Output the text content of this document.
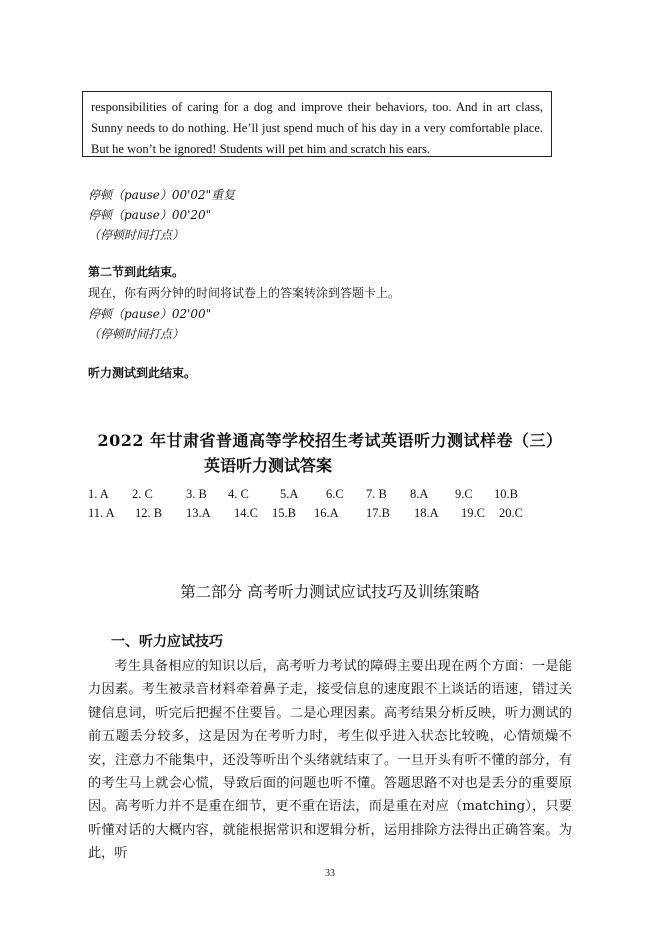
responsibilities of caring for a dog and improve their behaviors, too. And in art class, Sunny needs to do nothing. He’ll just spend much of his day in a very comfortable place. But he won’t be ignored! Students will pet him and scratch his ears.

停顿（pause）00'02"重复
停顿（pause）00'20"
（停顿时间打点）
第二节到此结束。
现在，你有两分钟的时间将试卷上的答案转涂到答题卡上。
停顿（pause）02'00"
（停顿时间打点）
听力测试到此结束。
2022 年甘肃省普通高等学校招生考试英语听力测试样卷（三）
英语听力测试答案
1. A 2. C	3. B 4. C 5.A 6.C 7. B 8.A 9.C 10.B
11. A 12. B 13.A 14.C 15.B 16.A 17.B 18.A 19.C 20.C
第二部分 高考听力测试应试技巧及训练策略
一、听力应试技巧

考生具备相应的知识以后，高考听力考试的障碍主要出现在两个方面：一是能力因素。考生被录音材料牵着鼻子走，接受信息的速度跟不上谈话的语速，错过关键信息词，听完后把握不住要旨。二是心理因素。高考结果分析反映，听力测试的前五题丢分较多，这是因为在考听力时，考生似乎进入状态比较晚，心情烦燥不安，注意力不能集中，还没等听出个头绪就结束了。一旦开头有听不懂的部分，有的考生马上就会心慌，导致后面的问题也听不懂。答题思路不对也是丢分的重要原因。高考听力并不是重在细节，更不重在语法，而是重在对应（matching），只要听懂对话的大概内容，就能根据常识和逻辑分析，运用排除方法得出正确答案。为此，听

33
